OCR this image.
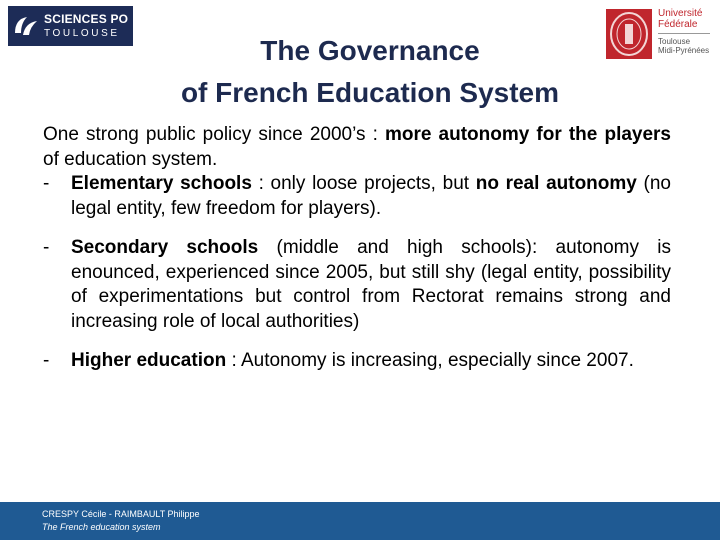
SCIENCES PO
TOULOUSE
Université
Fédérale
Toulouse
Midi-Pyrénées
The Governance
of French Education System

One strong public policy since 2000’s : more autonomy for the players of education system.

- Elementary schools : only loose projects, but no real autonomy (no legal entity, few freedom for players).
- Secondary schools (middle and high schools): autonomy is enounced, experienced since 2005, but still shy (legal entity, possibility of experimentations but control from Rectorat remains strong and increasing role of local authorities)
- Higher education : Autonomy is increasing, especially since 2007.
CRESPY Cécile - RAIMBAULT Philippe
The French education system
